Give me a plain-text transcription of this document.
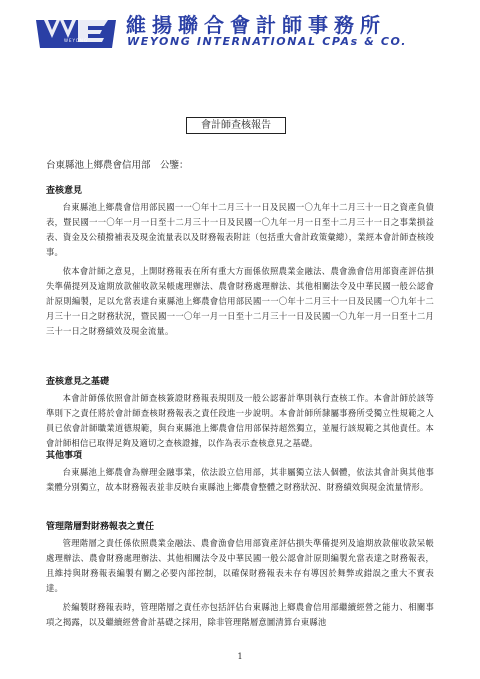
WEYONG
維揚聯合會計師事務所
WEYONG INTERNATIONAL CPAs & CO.
會計師查核報告
台東縣池上鄉農會信用部　公鑒：

查核意見

台東縣池上鄉農會信用部民國一一〇年十二月三十一日及民國一〇九年十二月三十一日之資產負債表，暨民國一一〇年一月一日至十二月三十一日及民國一〇九年一月一日至十二月三十一日之事業損益表、資金及公積撥補表及現金流量表以及財務報表附註（包括重大會計政策彙總），業經本會計師查核竣事。

依本會計師之意見，上開財務報表在所有重大方面係依照農業金融法、農會漁會信用部資產評估損失準備提列及逾期放款催收款呆帳處理辦法、農會財務處理辦法、其他相關法令及中華民國一般公認會計原則編製，足以允當表達台東縣池上鄉農會信用部民國一一〇年十二月三十一日及民國一〇九年十二月三十一日之財務狀況，暨民國一一〇年一月一日至十二月三十一日及民國一〇九年一月一日至十二月三十一日之財務績效及現金流量。

查核意見之基礎

本會計師係依照會計師查核簽證財務報表規則及一般公認審計準則執行查核工作。本會計師於該等準則下之責任將於會計師查核財務報表之責任段進一步說明。本會計師所隸屬事務所受獨立性規範之人員已依會計師職業道德規範，與台東縣池上鄉農會信用部保持超然獨立，並履行該規範之其他責任。本會計師相信已取得足夠及適切之查核證據，以作為表示查核意見之基礎。

其他事項

台東縣池上鄉農會為辦理金融事業，依法設立信用部，其非屬獨立法人個體，依法其會計與其他事業體分別獨立，故本財務報表並非反映台東縣池上鄉農會整體之財務狀況、財務績效與現金流量情形。

管理階層對財務報表之責任

管理階層之責任係依照農業金融法、農會漁會信用部資產評估損失準備提列及逾期放款催收款呆帳處理辦法、農會財務處理辦法、其他相關法令及中華民國一般公認會計原則編製允當表達之財務報表，且維持與財務報表編製有關之必要內部控制，以確保財務報表未存有導因於舞弊或錯誤之重大不實表達。

於編製財務報表時，管理階層之責任亦包括評估台東縣池上鄉農會信用部繼續經營之能力、相關事項之揭露，以及繼續經營會計基礎之採用，除非管理階層意圖清算台東縣池

1
